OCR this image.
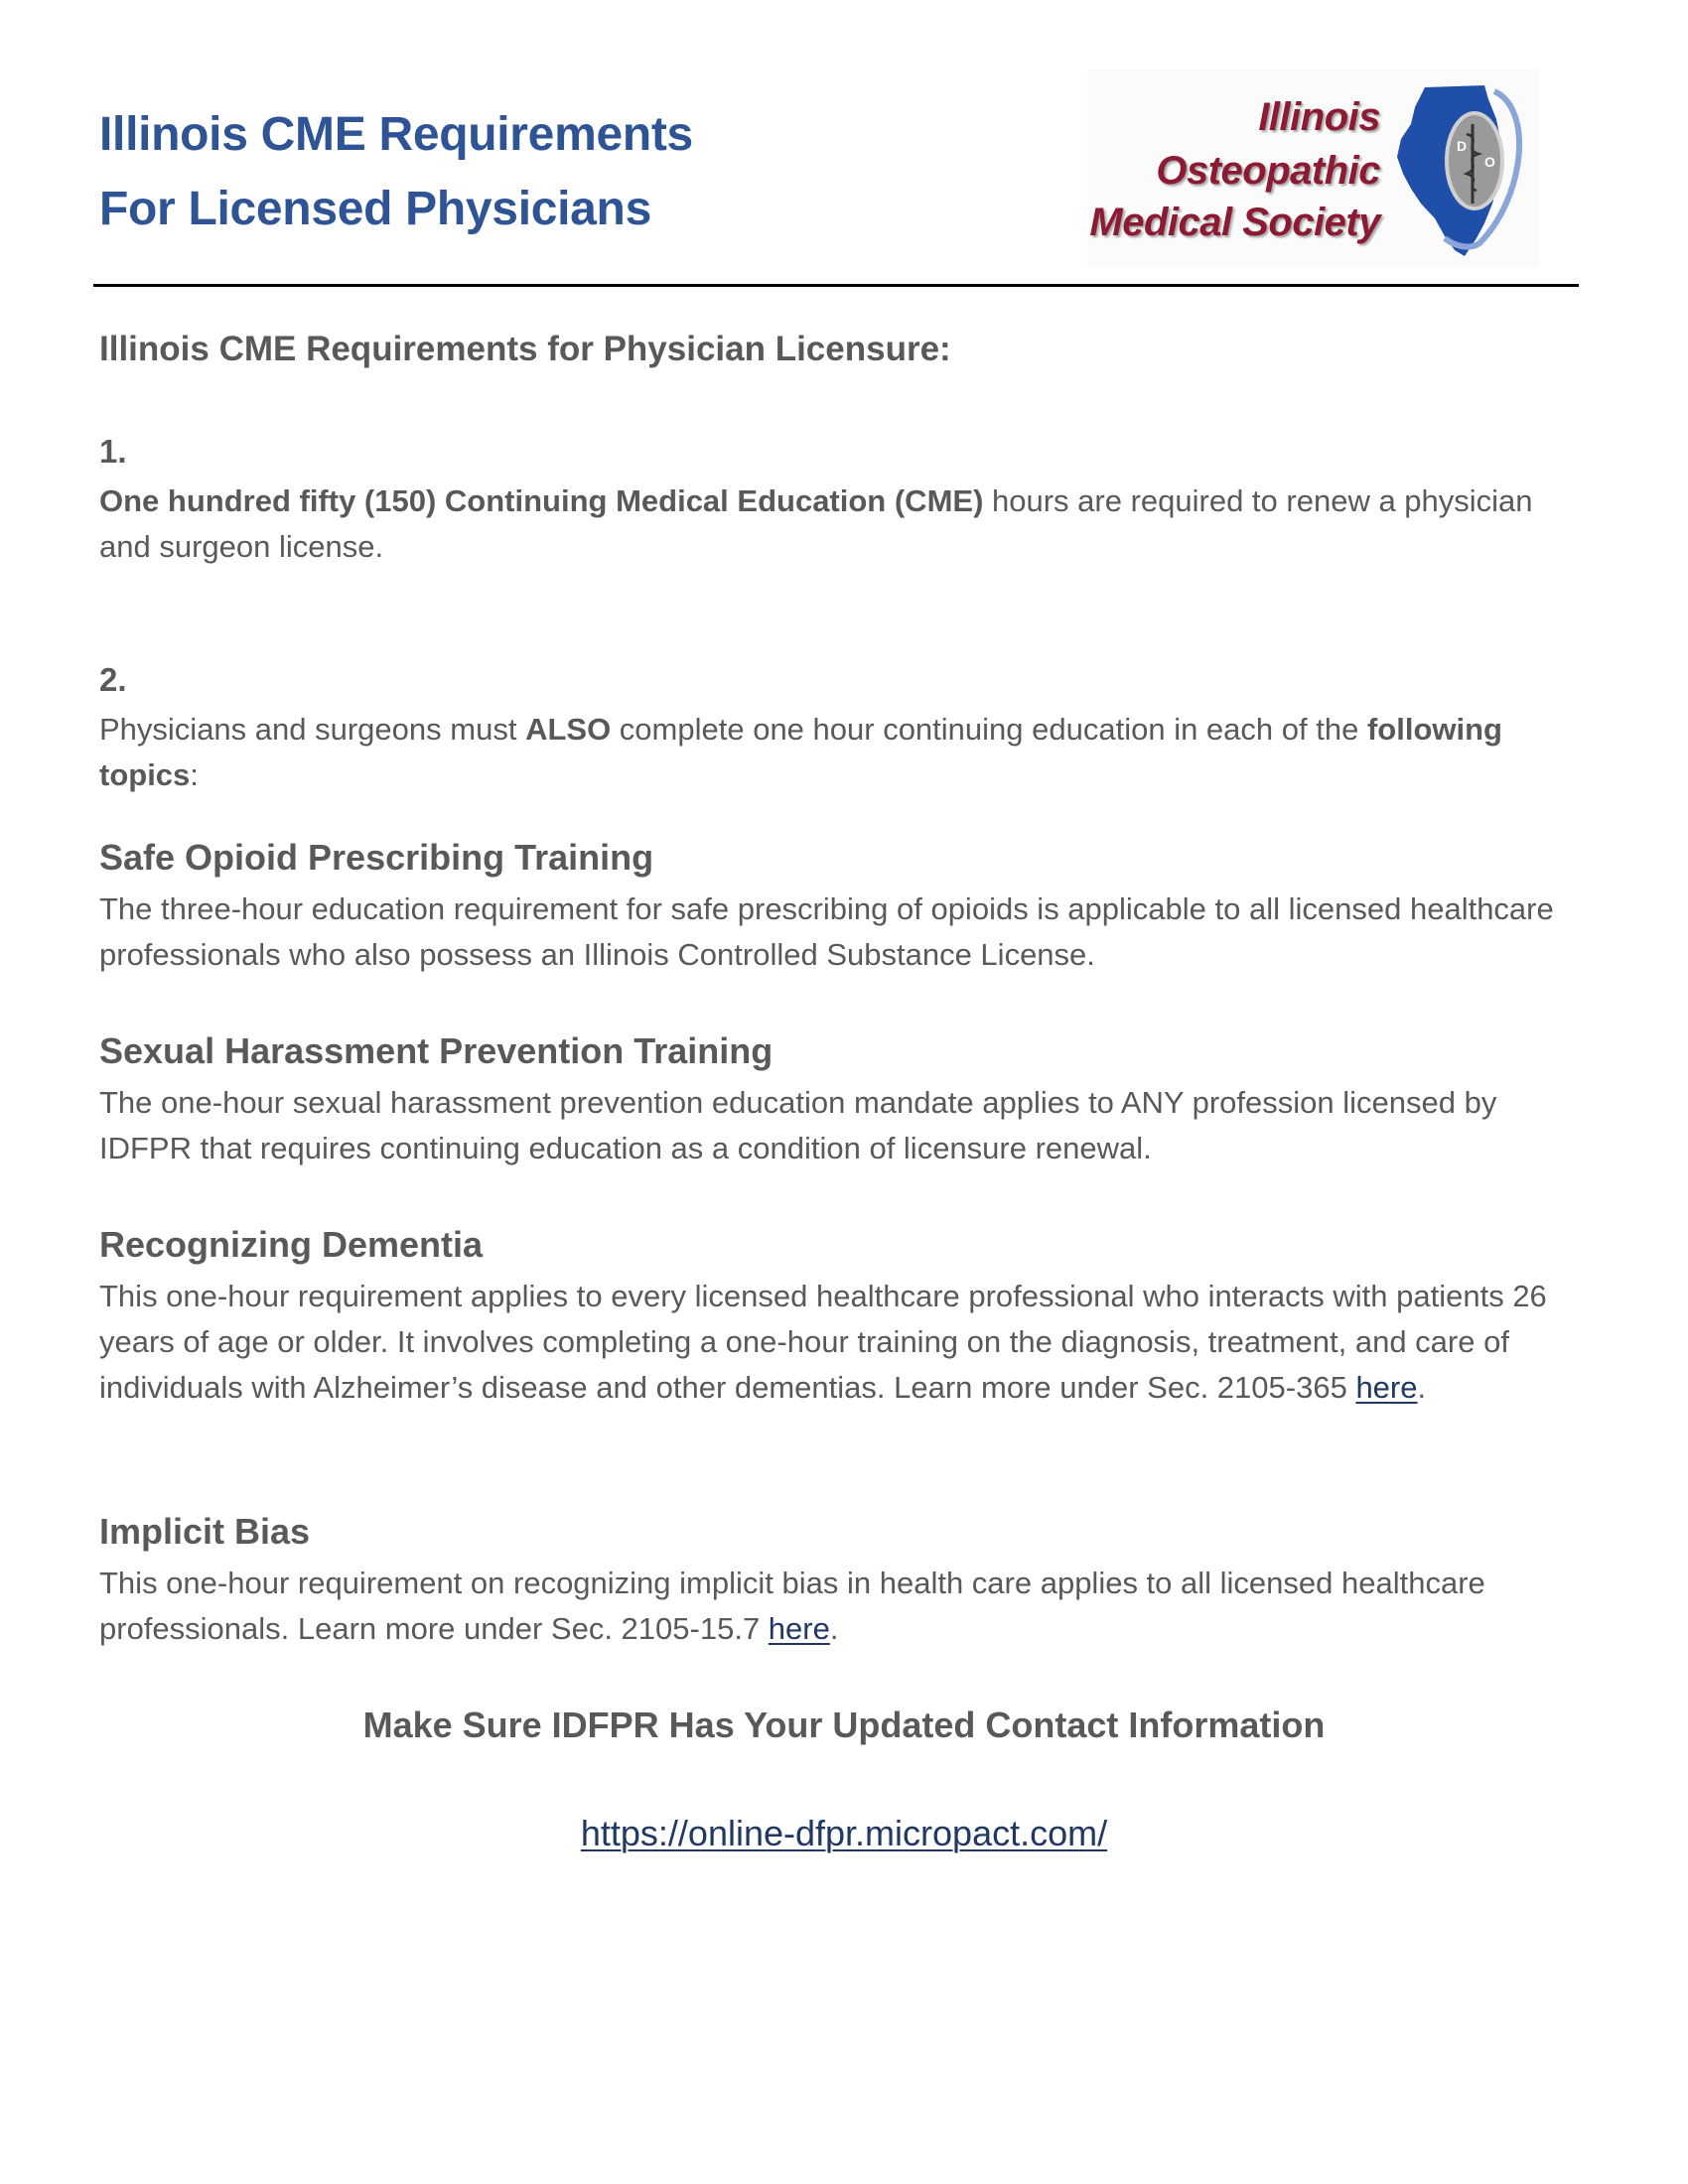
Illinois CME Requirements
For Licensed Physicians
Illinois
Osteopathic
Medical Society
D
O
Illinois CME Requirements for Physician Licensure:
1.
One hundred fifty (150) Continuing Medical Education (CME) hours are required to renew a physician and surgeon license.
2.
Physicians and surgeons must ALSO complete one hour continuing education in each of the following topics:
Safe Opioid Prescribing Training
The three-hour education requirement for safe prescribing of opioids is applicable to all licensed healthcare professionals who also possess an Illinois Controlled Substance License.
Sexual Harassment Prevention Training
The one-hour sexual harassment prevention education mandate applies to ANY profession licensed by IDFPR that requires continuing education as a condition of licensure renewal.
Recognizing Dementia
This one-hour requirement applies to every licensed healthcare professional who interacts with patients 26 years of age or older. It involves completing a one-hour training on the diagnosis, treatment, and care of individuals with Alzheimer’s disease and other dementias. Learn more under Sec. 2105-365 here.
Implicit Bias
This one-hour requirement on recognizing implicit bias in health care applies to all licensed healthcare professionals. Learn more under Sec. 2105-15.7 here.
Make Sure IDFPR Has Your Updated Contact Information
https://online-dfpr.micropact.com/
